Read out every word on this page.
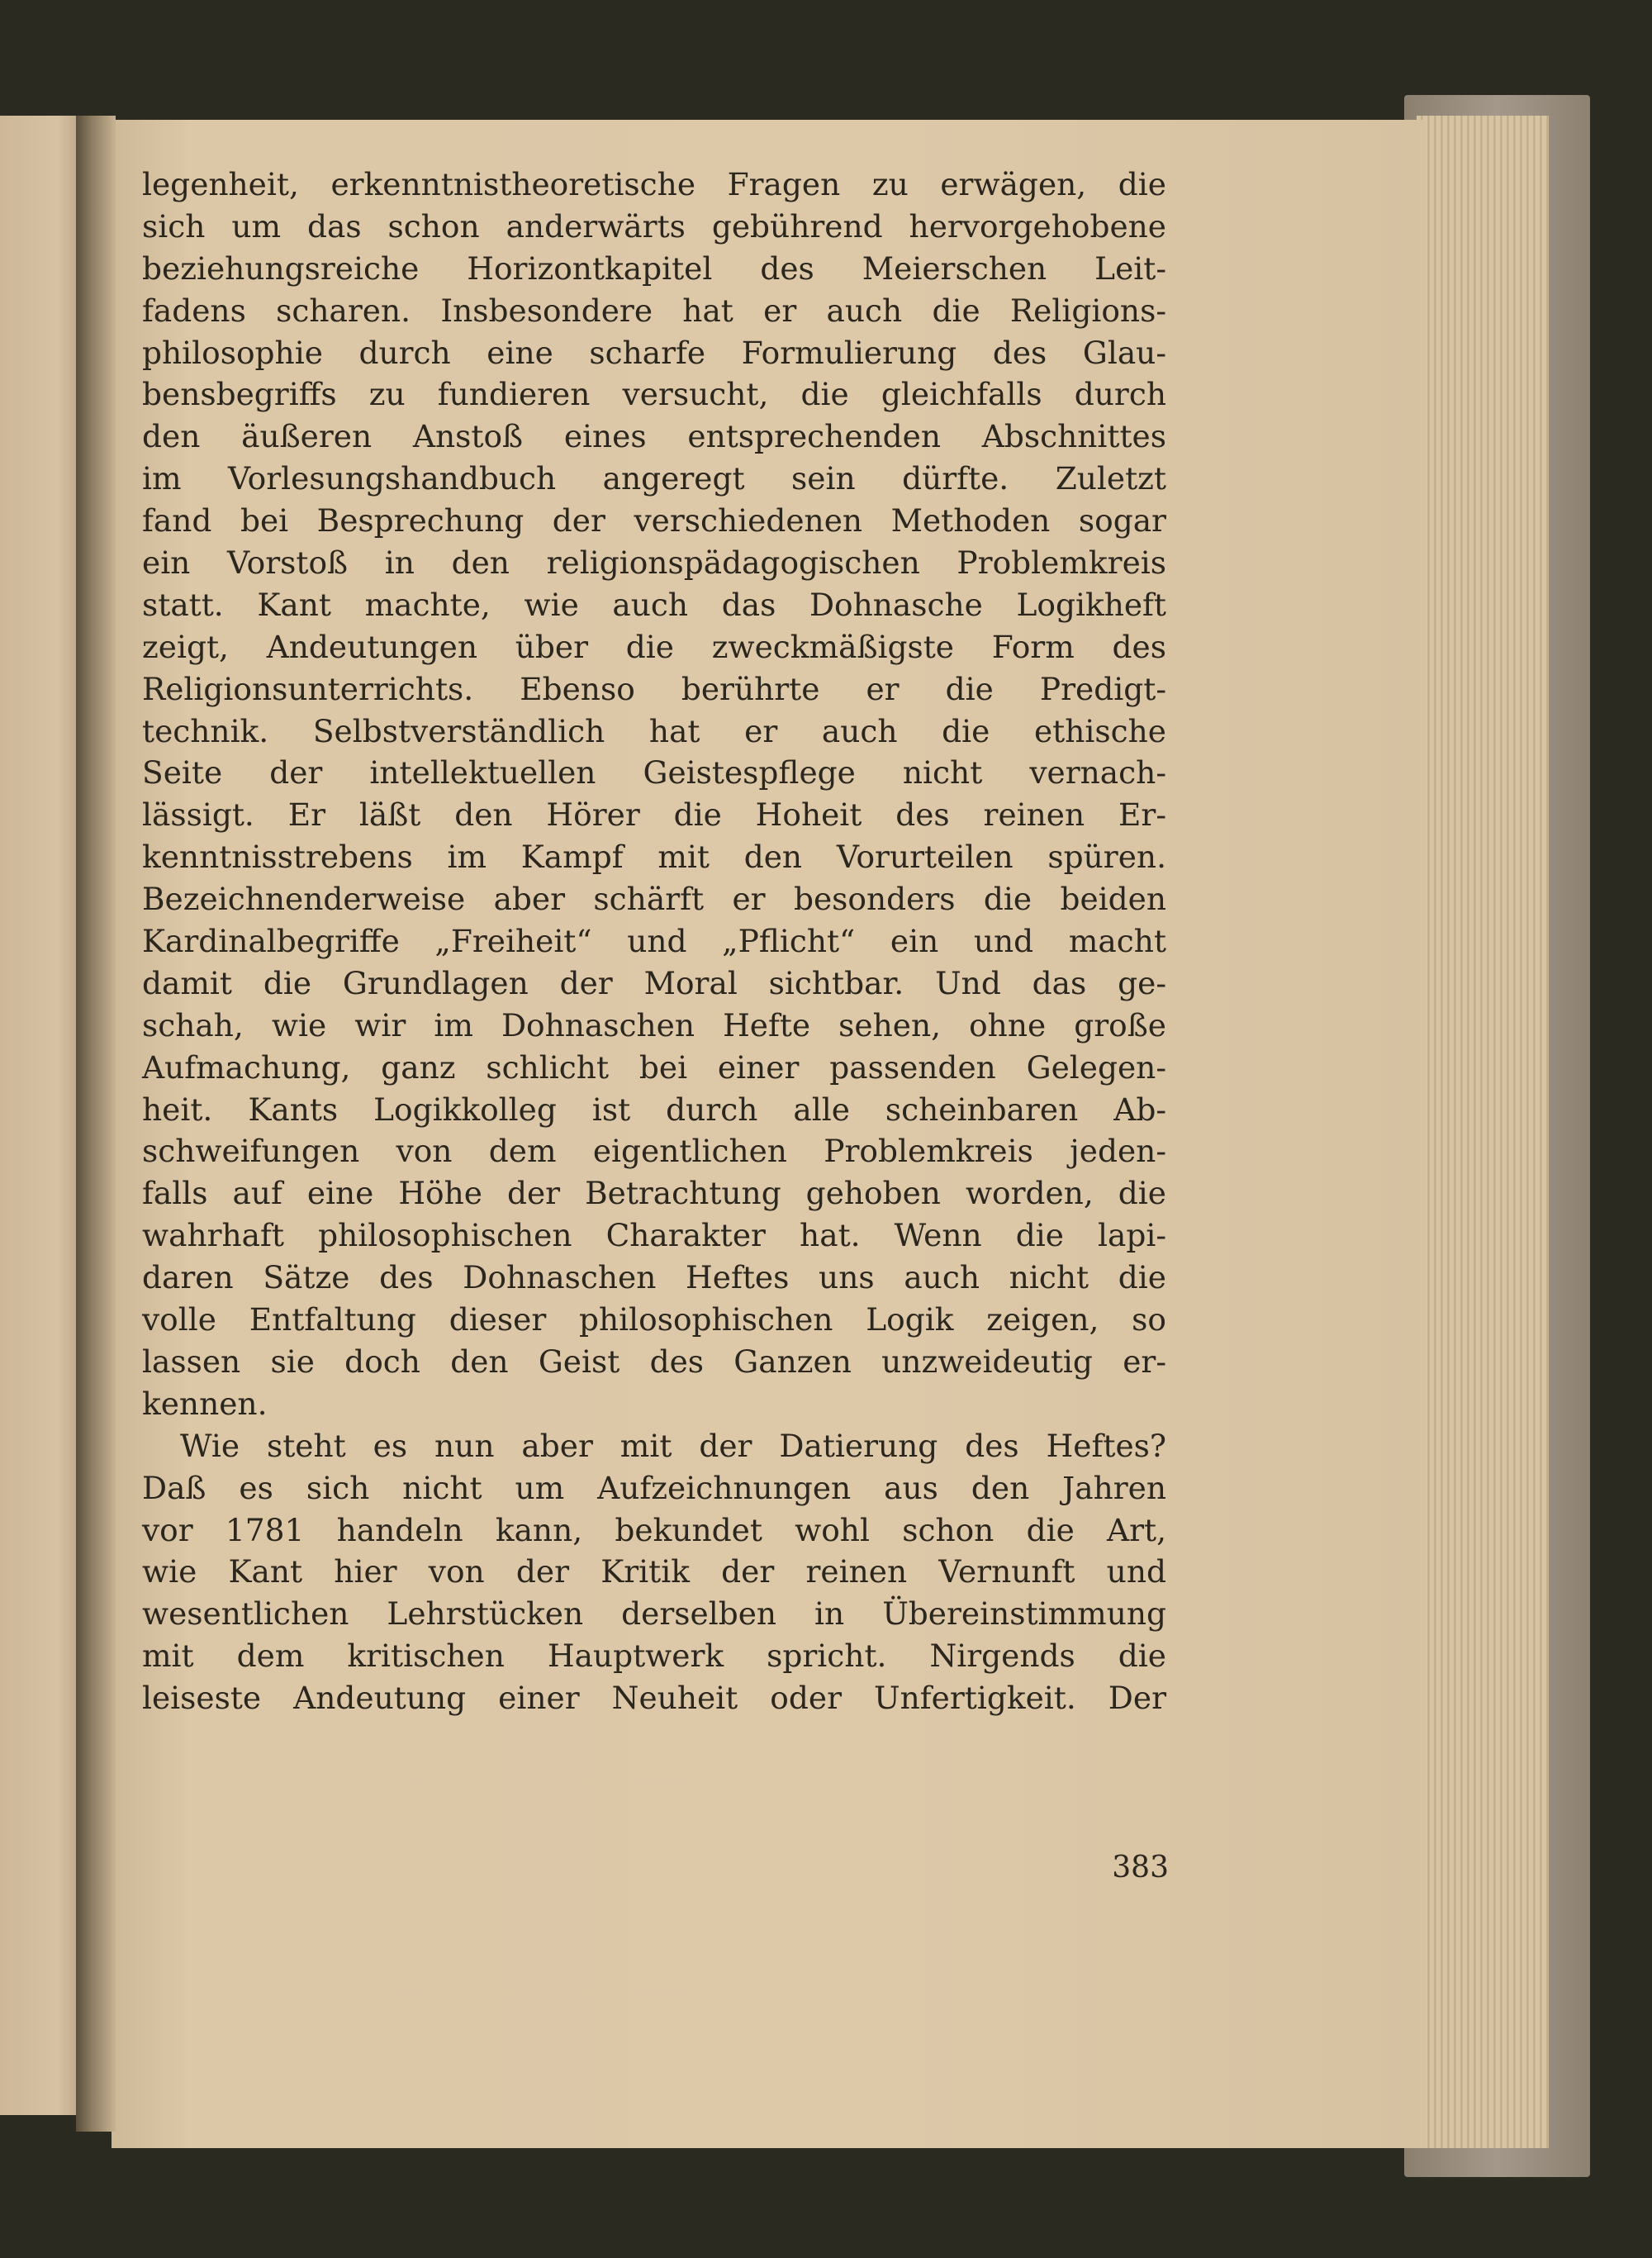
legenheit, erkenntnistheoretische Fragen zu erwägen, die
sich um das schon anderwärts gebührend hervorgehobene
beziehungsreiche Horizontkapitel des Meierschen Leit-
fadens scharen. Insbesondere hat er auch die Religions-
philosophie durch eine scharfe Formulierung des Glau-
bensbegriffs zu fundieren versucht, die gleichfalls durch
den äußeren Anstoß eines entsprechenden Abschnittes
im Vorlesungshandbuch angeregt sein dürfte. Zuletzt
fand bei Besprechung der verschiedenen Methoden sogar
ein Vorstoß in den religionspädagogischen Problemkreis
statt. Kant machte, wie auch das Dohnasche Logikheft
zeigt, Andeutungen über die zweckmäßigste Form des
Religionsunterrichts. Ebenso berührte er die Predigt-
technik. Selbstverständlich hat er auch die ethische
Seite der intellektuellen Geistespflege nicht vernach-
lässigt. Er läßt den Hörer die Hoheit des reinen Er-
kenntnisstrebens im Kampf mit den Vorurteilen spüren.
Bezeichnenderweise aber schärft er besonders die beiden
Kardinalbegriffe „Freiheit“ und „Pflicht“ ein und macht
damit die Grundlagen der Moral sichtbar. Und das ge-
schah, wie wir im Dohnaschen Hefte sehen, ohne große
Aufmachung, ganz schlicht bei einer passenden Gelegen-
heit. Kants Logikkolleg ist durch alle scheinbaren Ab-
schweifungen von dem eigentlichen Problemkreis jeden-
falls auf eine Höhe der Betrachtung gehoben worden, die
wahrhaft philosophischen Charakter hat. Wenn die lapi-
daren Sätze des Dohnaschen Heftes uns auch nicht die
volle Entfaltung dieser philosophischen Logik zeigen, so
lassen sie doch den Geist des Ganzen unzweideutig er-
kennen.
Wie steht es nun aber mit der Datierung des Heftes?
Daß es sich nicht um Aufzeichnungen aus den Jahren
vor 1781 handeln kann, bekundet wohl schon die Art,
wie Kant hier von der Kritik der reinen Vernunft und
wesentlichen Lehrstücken derselben in Übereinstimmung
mit dem kritischen Hauptwerk spricht. Nirgends die
leiseste Andeutung einer Neuheit oder Unfertigkeit. Der
383
